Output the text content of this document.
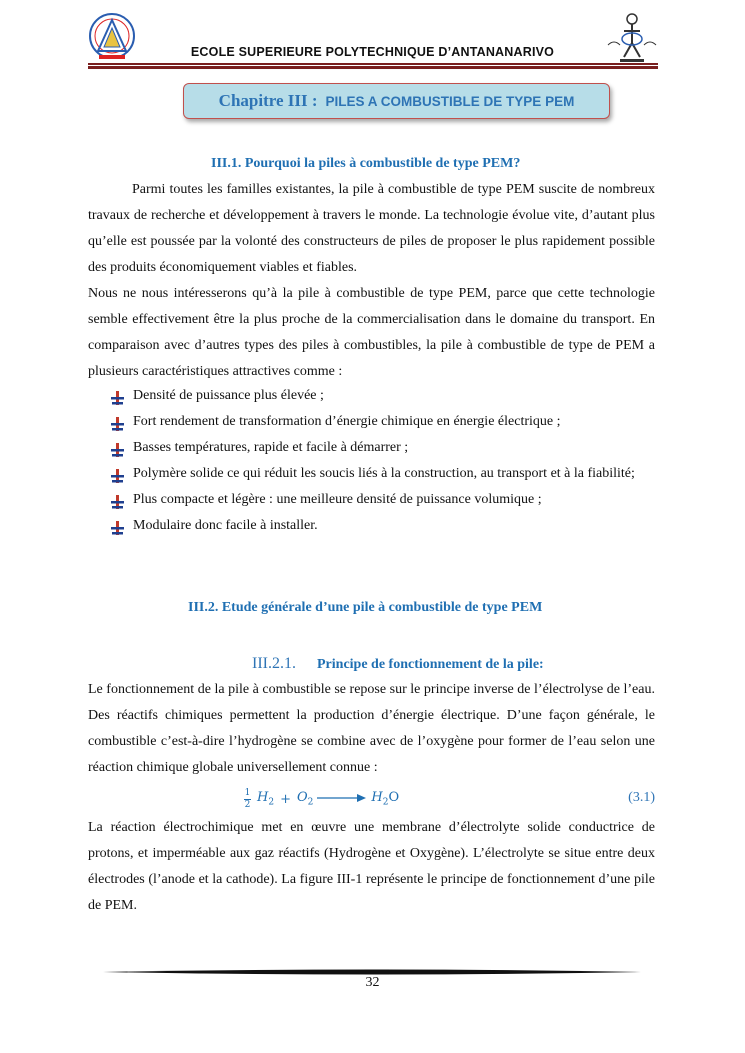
ECOLE SUPERIEURE POLYTECHNIQUE D’ANTANANARIVO
Chapitre III : PILES A COMBUSTIBLE DE TYPE PEM
III.1. Pourquoi la piles à combustible de type PEM?

Parmi toutes les familles existantes, la pile à combustible de type PEM suscite de nombreux travaux de recherche et développement à travers le monde. La technologie évolue vite, d’autant plus qu’elle est poussée par la volonté des constructeurs de piles de proposer le plus rapidement possible des produits économiquement viables et fiables.

Nous ne nous intéresserons qu’à la pile à combustible de type PEM, parce que cette technologie semble effectivement être la plus proche de la commercialisation dans le domaine du transport. En comparaison avec d’autres types des piles à combustibles, la pile à combustible de type de PEM a plusieurs caractéristiques attractives comme :

Densité de puissance plus élevée ;
Fort rendement de transformation d’énergie chimique en énergie électrique ;
Basses températures, rapide et facile à démarrer ;
Polymère solide ce qui réduit les soucis liés à la construction, au transport et à la fiabilité;
Plus compacte et légère : une meilleure densité de puissance volumique ;
Modulaire donc facile à installer.
III.2. Etude générale d’une pile à combustible de type PEM
III.2.1. Principe de fonctionnement de la pile:

Le fonctionnement de la pile à combustible se repose sur le principe inverse de l’électrolyse de l’eau. Des réactifs chimiques permettent la production d’énergie électrique. D’une façon générale, le combustible c’est-à-dire l’hydrogène se combine avec de l’oxygène pour former de l’eau selon une réaction chimique globale universellement connue :

$\frac{1}{2} H_2 + O_2 \to H_2O$	(3.1)

La réaction électrochimique met en œuvre une membrane d’électrolyte solide conductrice de protons, et imperméable aux gaz réactifs (Hydrogène et Oxygène). L’électrolyte se situe entre deux électrodes (l’anode et la cathode). La figure III-1 représente le principe de fonctionnement d’une pile de PEM.

32
